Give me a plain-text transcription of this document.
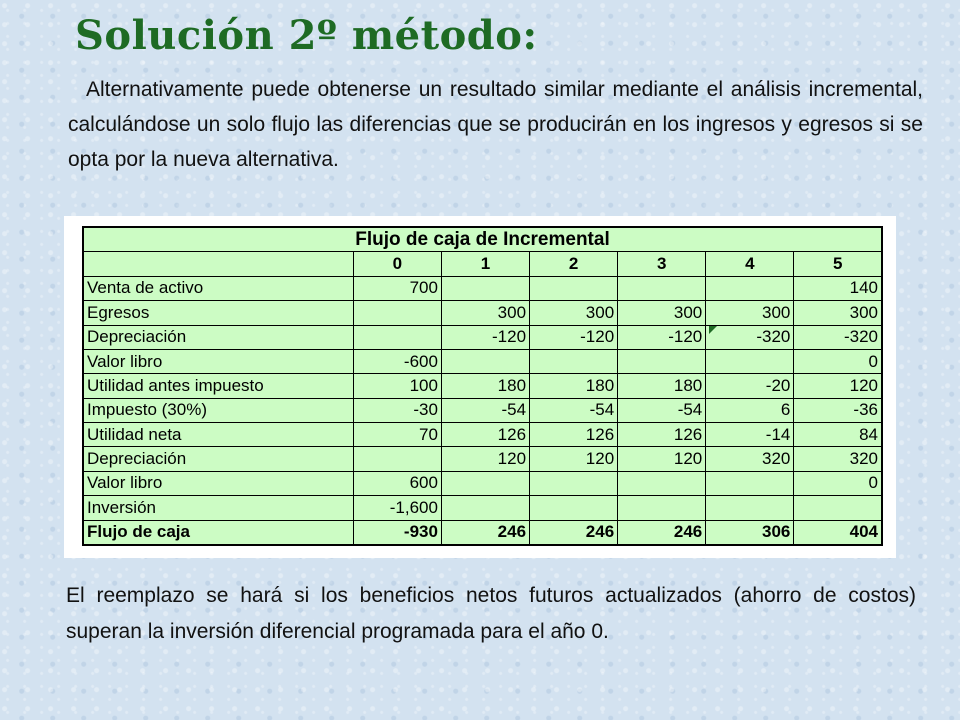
Solución 2º método:

Alternativamente puede obtenerse un resultado similar mediante el análisis incremental, calculándose un solo flujo las diferencias que se producirán en los ingresos y egresos si se opta por la nueva alternativa.

Flujo de caja de Incremental						
	0	1	2	3	4	5
Venta de activo	700					140
Egresos		300	300	300	300	300
Depreciación		-120	-120	-120	-320	-320
Valor libro	-600					0
Utilidad antes impuesto	100	180	180	180	-20	120
Impuesto (30%)	-30	-54	-54	-54	6	-36
Utilidad neta	70	126	126	126	-14	84
Depreciación		120	120	120	320	320
Valor libro	600					0
Inversión	-1,600					
Flujo de caja	-930	246	246	246	306	404

El reemplazo se hará si los beneficios netos futuros actualizados (ahorro de costos) superan la inversión diferencial programada para el año 0.
